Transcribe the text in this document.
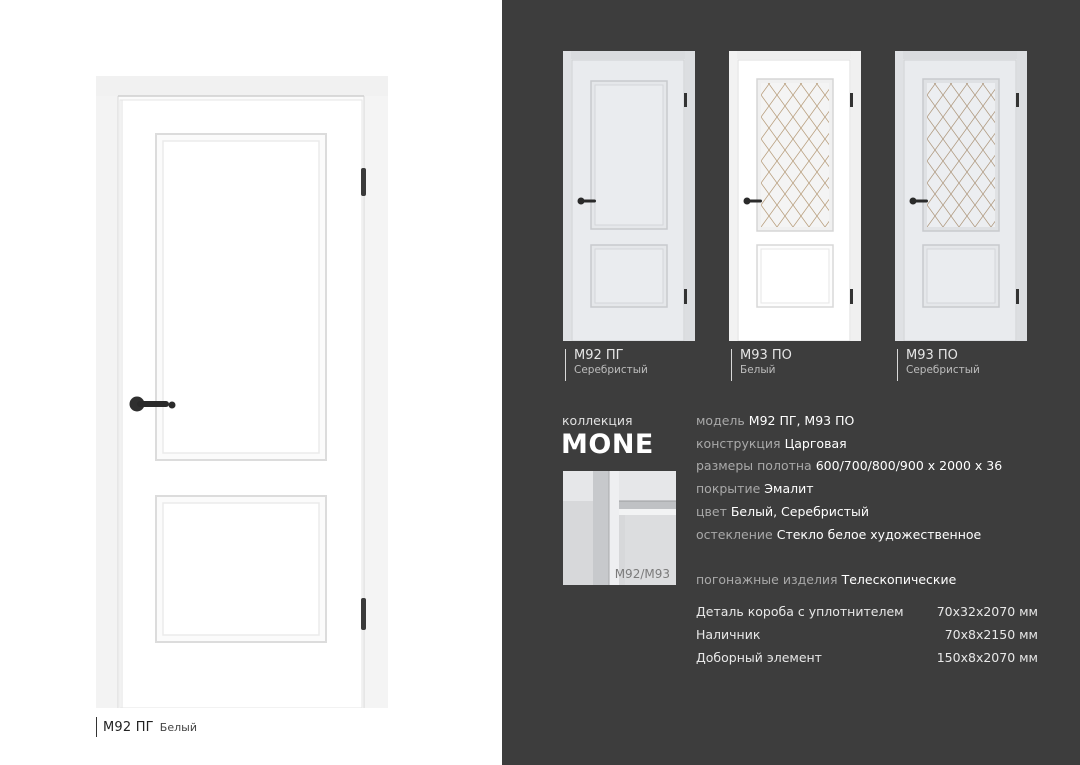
M92 ПГ Белый
M92 ПГ
Серебристый
M93 ПО
Белый
M93 ПО
Серебристый
коллекция
MONE
M92/M93
модель M92 ПГ, M93 ПО
конструкция Царговая
размеры полотна 600/700/800/900 x 2000 x 36
покрытие Эмалит
цвет Белый, Серебристый
остекление Стекло белое художественное
погонажные изделия Телескопические
Деталь короба с уплотнителем	70x32x2070 мм
Наличник	70x8x2150 мм
Доборный элемент	150x8x2070 мм
